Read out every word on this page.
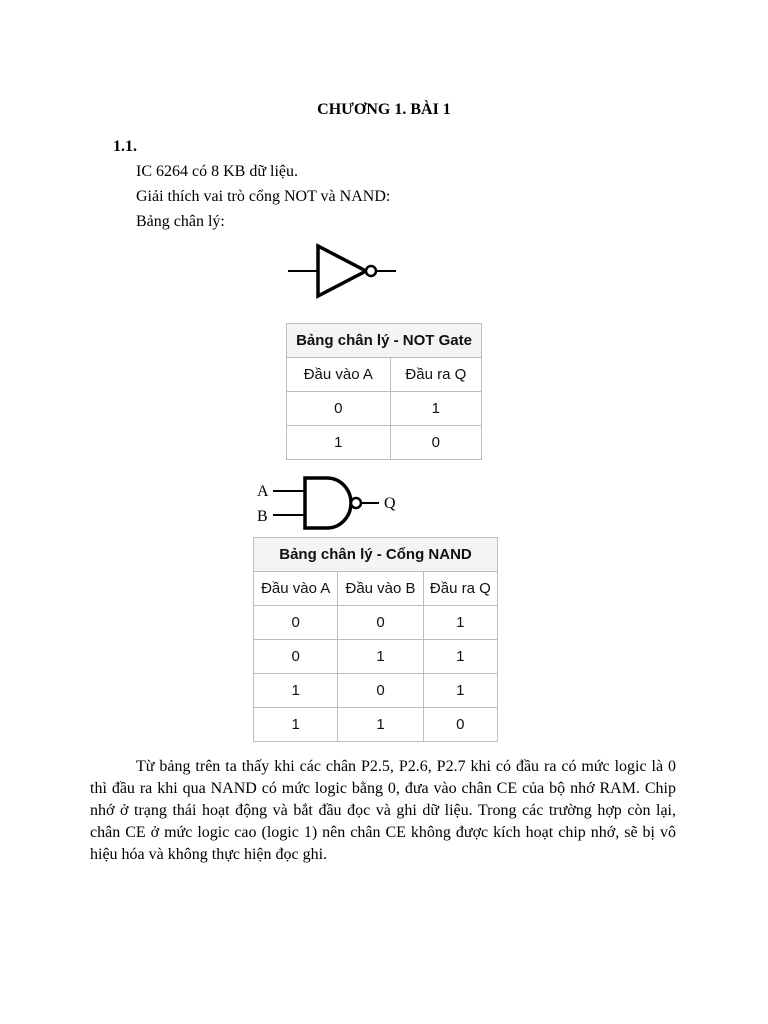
CHƯƠNG 1. BÀI 1
1.1.
IC 6264 có 8 KB dữ liệu.
Giải thích vai trò cổng NOT và NAND:
Bảng chân lý:
Bảng chân lý - NOT Gate	
Đầu vào A	Đầu ra Q
0	1
1	0
A
B
Q
Bảng chân lý - Cổng NAND		
Đầu vào A	Đầu vào B	Đầu ra Q
0	0	1
0	1	1
1	0	1
1	1	0
Từ bảng trên ta thấy khi các chân P2.5, P2.6, P2.7 khi có đầu ra có mức logic là 0 thì đầu ra khi qua NAND có mức logic bằng 0, đưa vào chân CE của bộ nhớ RAM. Chip nhớ ở trạng thái hoạt động và bắt đầu đọc và ghi dữ liệu. Trong các trường hợp còn lại, chân CE ở mức logic cao (logic 1) nên chân CE không được kích hoạt chip nhớ, sẽ bị vô hiệu hóa và không thực hiện đọc ghi.
